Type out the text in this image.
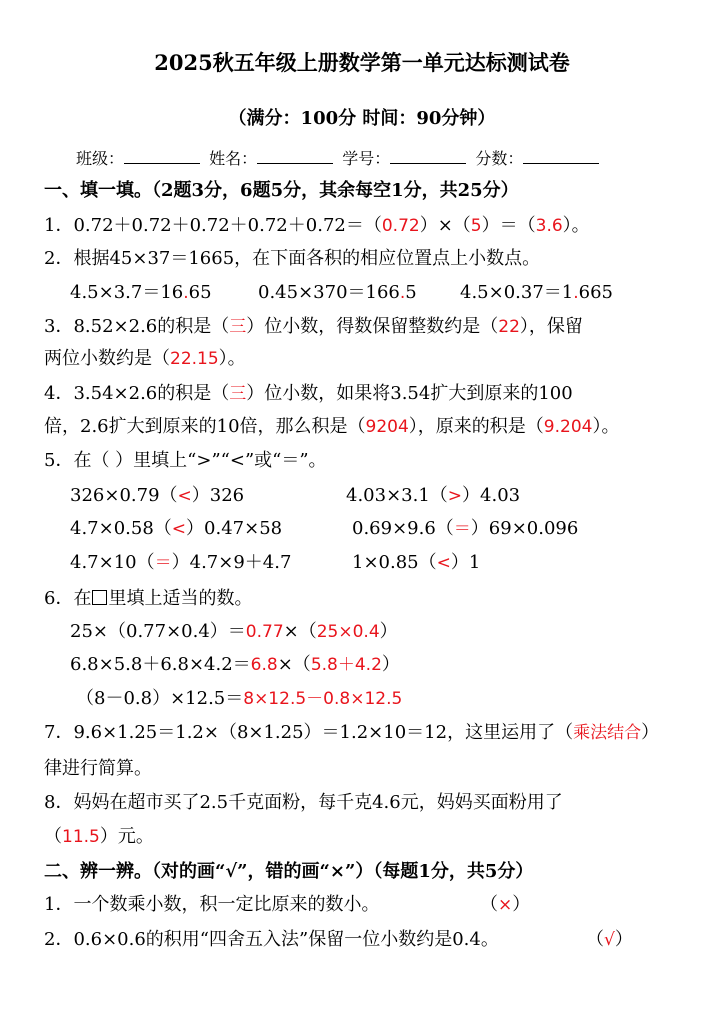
2025秋五年级上册数学第一单元达标测试卷
（满分：100分 时间：90分钟）
班级：	姓名：	学号：	分数：
一、填一填。（2题3分，6题5分，其余每空1分，共25分）
1．0.72＋0.72＋0.72＋0.72＋0.72＝（0.72）×（5）＝（3.6）。
2．根据45×37＝1665，在下面各积的相应位置点上小数点。
4.5×3.7＝16.65	0.45×370＝166.5 4.5×0.37＝1.665
3．8.52×2.6的积是（三）位小数，得数保留整数约是（22），保留
两位小数约是（22.15）。
4．3.54×2.6的积是（三）位小数，如果将3.54扩大到原来的100
倍，2.6扩大到原来的10倍，那么积是（9204），原来的积是（9.204）。
5．在（ ）里填上“>”“<”或“＝”。
326×0.79（<）326	4.03×3.1（>）4.03
4.7×0.58（<）0.47×58	0.69×9.6（＝）69×0.096
4.7×10（＝）4.7×9＋4.7	1×0.85（<）1
6．在 里填上适当的数。
25×（0.77×0.4）＝0.77×（25×0.4）
6.8×5.8＋6.8×4.2＝6.8×（5.8＋4.2）
（8－0.8）×12.5＝8×12.5－0.8×12.5
7．9.6×1.25＝1.2×（8×1.25）＝1.2×10＝12，这里运用了（乘法结合）
律进行简算。
8．妈妈在超市买了2.5千克面粉，每千克4.6元，妈妈买面粉用了
（11.5）元。
二、辨一辨。（对的画“√”，错的画“×”）（每题1分，共5分）
1．一个数乘小数，积一定比原来的数小。	（×）
2．0.6×0.6的积用“四舍五入法”保留一位小数约是0.4。	（√）
